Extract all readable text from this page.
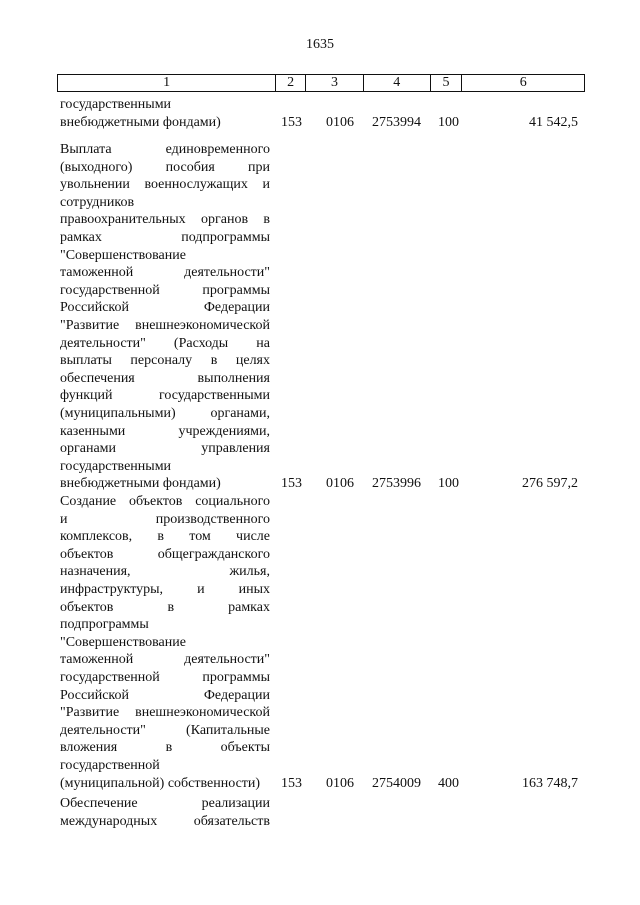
1635
1	2	3	4	5	6
государственными
внебюджетными фондами)	153 0106 2753994 100	41 542,5
Выплата единовременного
(выходного) пособия при
увольнении военнослужащих и
сотрудников
правоохранительных органов в
рамках подпрограммы
"Совершенствование
таможенной деятельности"
государственной программы
Российской Федерации
"Развитие внешнеэкономической
деятельности" (Расходы на
выплаты персоналу в целях
обеспечения выполнения
функций государственными
(муниципальными) органами,
казенными учреждениями,
органами управления
государственными
внебюджетными фондами)	153 0106 2753996 100	276 597,2
Создание объектов социального
и производственного
комплексов, в том числе
объектов общегражданского
назначения, жилья,
инфраструктуры, и иных
объектов в рамках
подпрограммы
"Совершенствование
таможенной деятельности"
государственной программы
Российской Федерации
"Развитие внешнеэкономической
деятельности" (Капитальные
вложения в объекты
государственной
(муниципальной) собственности)	153 0106 2754009 400	163 748,7
Обеспечение реализации
международных обязательств
